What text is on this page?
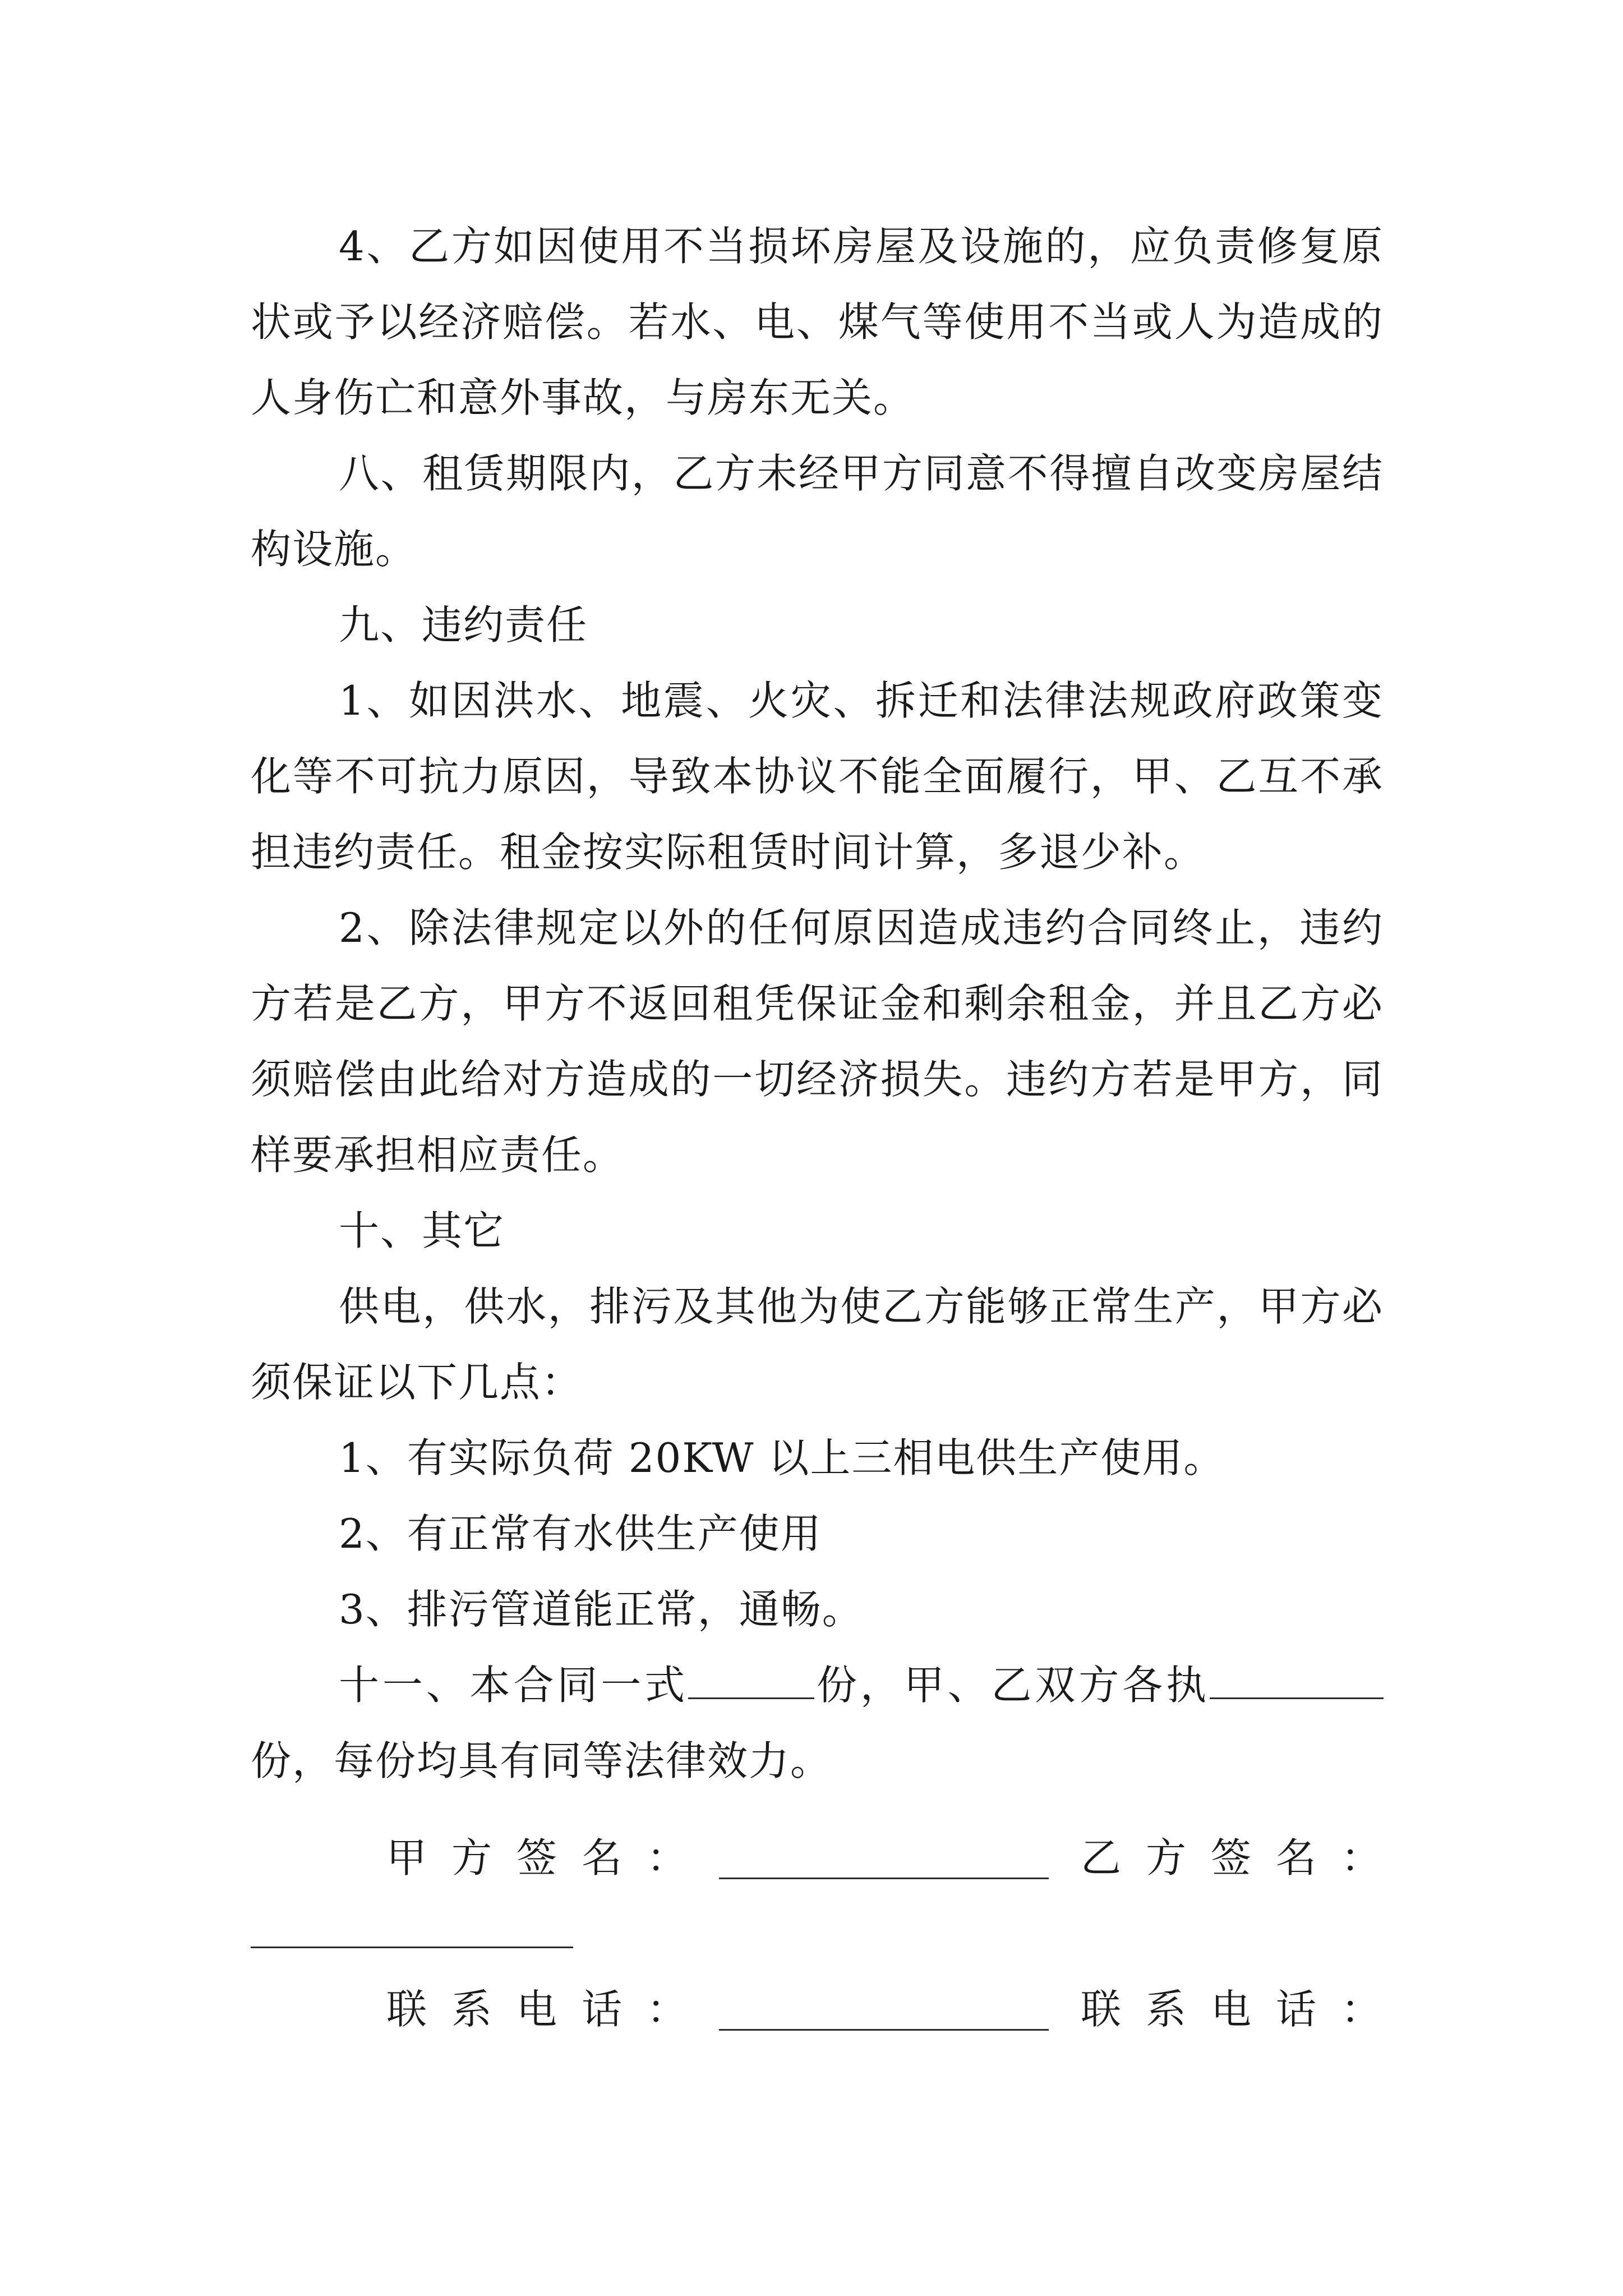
4、乙方如因使用不当损坏房屋及设施的，应负责修复原状或予以经济赔偿。若水、电、煤气等使用不当或人为造成的人身伤亡和意外事故，与房东无关。

八、租赁期限内，乙方未经甲方同意不得擅自改变房屋结构设施。

九、违约责任

1、如因洪水、地震、火灾、拆迁和法律法规政府政策变化等不可抗力原因，导致本协议不能全面履行，甲、乙互不承担违约责任。租金按实际租赁时间计算，多退少补。

2、除法律规定以外的任何原因造成违约合同终止，违约方若是乙方，甲方不返回租凭保证金和剩余租金，并且乙方必须赔偿由此给对方造成的一切经济损失。违约方若是甲方，同样要承担相应责任。

十、其它

供电，供水，排污及其他为使乙方能够正常生产，甲方必须保证以下几点：

1、有实际负荷 20KW 以上三相电供生产使用。

2、有正常有水供生产使用

3、排污管道能正常，通畅。

十一、本合同一式	份，甲、乙双方各执份，每份均具有同等法律效力。

甲方签名：	乙方签名：
联系电话：	联系电话：
